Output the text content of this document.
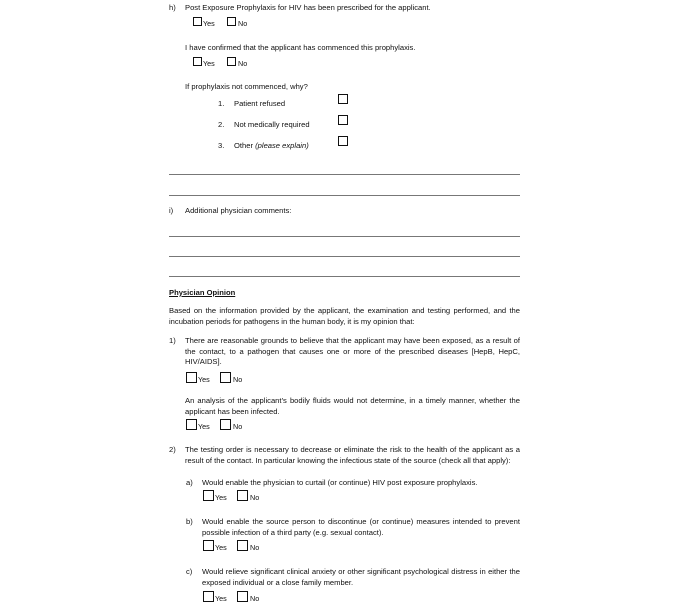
h) Post Exposure Prophylaxis for HIV has been prescribed for the applicant.
Yes	No
I have confirmed that the applicant has commenced this prophylaxis.
Yes	No
If prophylaxis not commenced, why?
1. Patient refused
2. Not medically required
3. Other (please explain)
i) Additional physician comments:
Physician Opinion
Based on the information provided by the applicant, the examination and testing performed, and the incubation periods for pathogens in the human body, it is my opinion that:
1) There are reasonable grounds to believe that the applicant may have been exposed, as a result of the contact, to a pathogen that causes one or more of the prescribed diseases [HepB, HepC, HIV/AIDS].
Yes	No
An analysis of the applicant’s bodily fluids would not determine, in a timely manner, whether the applicant has been infected.
Yes	No
2) The testing order is necessary to decrease or eliminate the risk to the health of the applicant as a result of the contact. In particular knowing the infectious state of the source (check all that apply):
a) Would enable the physician to curtail (or continue) HIV post exposure prophylaxis.
Yes	No
b) Would enable the source person to discontinue (or continue) measures intended to prevent possible infection of a third party (e.g. sexual contact).
Yes	No
c) Would relieve significant clinical anxiety or other significant psychological distress in either the exposed individual or a close family member.
Yes	No
